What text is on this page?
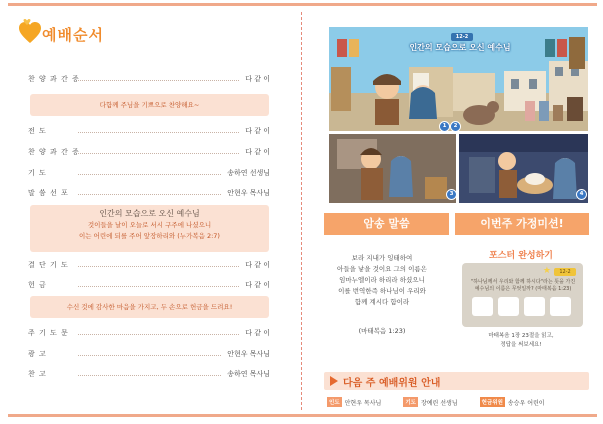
예배순서
찬 양 과 간 증	다 같 이
다함께 주님을 기쁘으로 찬양해요~
전 도	다 같 이
찬 양 과 간 증	다 같 이
기 도	송하연 선생님
말 씀 선 포	안현우 목사님
인간의 모습으로 오신 예수님
것이들을 날이 오늘로 서시 구주에 나셨으니
이는 어린에 되를 주어 앞장하리와 (누가복음 2:7)
결 단 기 도	다 같 이
헌 금	다 같 이
수신 것에 감사한 마음을 가지고, 두 손으로 헌금을 드려요!
주 기 도 문	다 같 이
광 고	안현우 목사님
찬 고	송하연 목사님
12-2
인간의 모습으로 오신 예수님
1	2
3	4
암송 말씀	이번주 가정미션!
보라 지내가 잉태하여
아들을 낳을 것이요 그의 이름은
임마누엘이라 하리라 하셨으니
이를 번역한즉 하나님이 우리와
함께 계시다 함이라
(마태복음 1:23)
포스터 완성하기
★	12-2
"하나님께서 우리와 함께 하시다"라는 뜻을 가진 예수님의 이름은 무엇일까? (마태복음 1:23)
마태복음 1장 23절을 읽고,
정답을 써보세요!
다음 주 예배위원 안내
인도 안현우 목사님	기도 장예린 선생님	헌금위원 송승우 어린이
